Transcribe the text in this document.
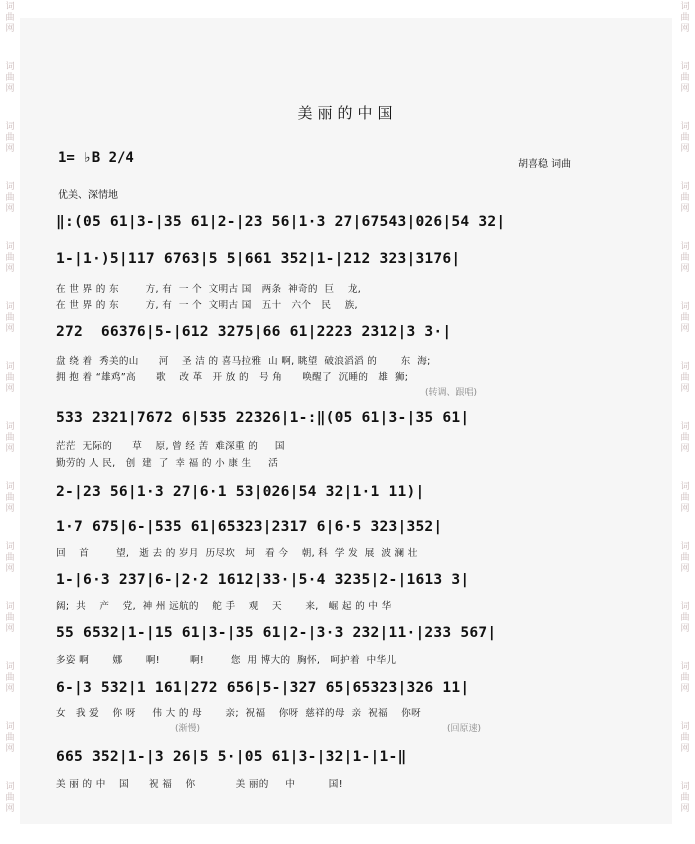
词曲网
词曲网
词曲网
词曲网
词曲网
词曲网
词曲网
词曲网
词曲网
词曲网
词曲网
词曲网
词曲网
词曲网
词曲网
词曲网
词曲网
词曲网
词曲网
词曲网
词曲网
词曲网
词曲网
词曲网
词曲网
词曲网
词曲网
词曲网
美丽的中国
1= ♭B 2/4	胡喜稳 词曲
优美、深情地
‖:(05 61|3-|35 61|2-|23 56|1·3 27|67543|026|54 32|
1-|1·)5|117 6763|5 5|661 352|1-|212 323|3176|
在 世 界 的 东        方, 有  一 个  文明古 国   两条  神奇的  巨    龙,
在 世 界 的 东        方, 有  一 个  文明古 国   五十   六个   民    族,
272  66376|5-|612 3275|66 61|2223 2312|3 3·|
盘 绕 着  秀美的山      河    圣 洁 的 喜马拉雅  山 啊, 眺望  破浪滔滔 的       东  海;
拥 抱 着 “雄鸡”高      歌    改 革   开 放 的   号 角      唤醒了  沉睡的   雄  狮;
( 转调、跟唱 )
533 2321|7672 6|535 22326|1-:‖(05 61|3-|35 61|
茫茫  无际的      草    原, 曾 经 苦  难深重 的     国
勤劳的 人 民,   创  建  了  幸 福 的 小 康 生     活
2-|23 56|1·3 27|6·1 53|026|54 32|1·1 11)|
1·7 675|6-|535 61|65323|2317 6|6·5 323|352|
回    首        望,   逝 去 的 岁月  历尽坎   坷   看 今    朝, 科  学 发  展  波 澜 壮
1-|6·3 237|6-|2·2 1612|33·|5·4 3235|2-|1613 3|
阔;  共    产    党,  神 州 远航的    舵 手    观    天       来,   崛 起 的 中 华
55 6532|1-|15 61|3-|35 61|2-|3·3 232|11·|233 567|
多姿 啊       娜       啊!         啊!        您  用 博大的  胸怀,   呵护着  中华儿
6-|3 532|1 161|272 656|5-|327 65|65323|326 11|
女   我 爱    你 呀     伟 大 的 母       亲;  祝福    你呀  慈祥的母  亲  祝福    你呀
( 渐慢 )
(	回原速 )
665 352|1-|3 26|5 5·|05 61|3-|32|1-|1-‖
美 丽 的 中    国      祝 福    你            美 丽的     中          国!
